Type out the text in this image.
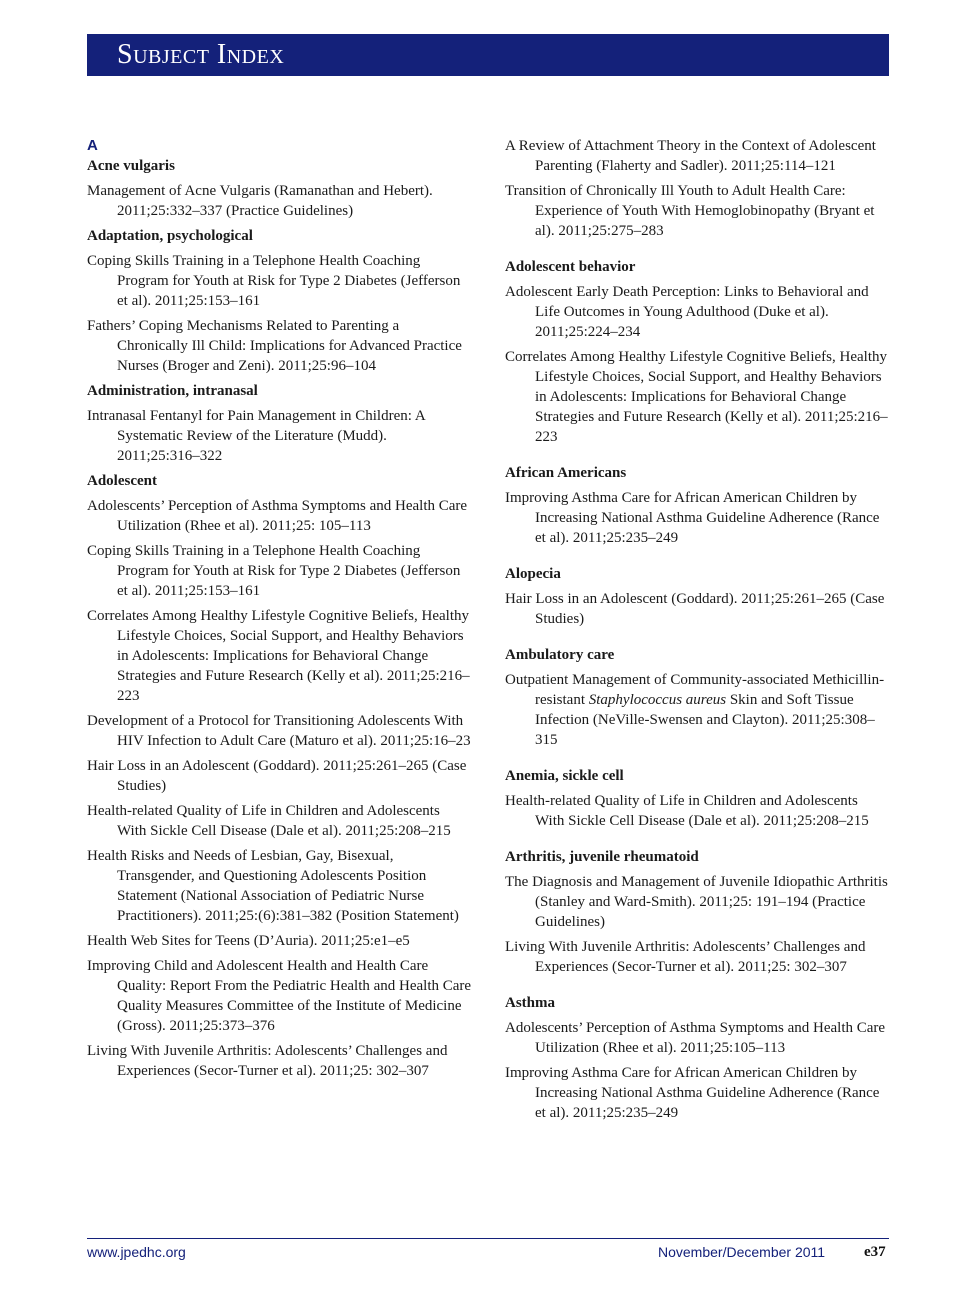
Subject Index

A

Acne vulgaris

Management of Acne Vulgaris (Ramanathan and Hebert). 2011;25:332–337 (Practice Guidelines)

Adaptation, psychological

Coping Skills Training in a Telephone Health Coaching Program for Youth at Risk for Type 2 Diabetes (Jefferson et al). 2011;25:153–161

Fathers’ Coping Mechanisms Related to Parenting a Chronically Ill Child: Implications for Advanced Practice Nurses (Broger and Zeni). 2011;25:96–104

Administration, intranasal

Intranasal Fentanyl for Pain Management in Children: A Systematic Review of the Literature (Mudd). 2011;25:316–322

Adolescent

Adolescents’ Perception of Asthma Symptoms and Health Care Utilization (Rhee et al). 2011;25: 105–113

Coping Skills Training in a Telephone Health Coaching Program for Youth at Risk for Type 2 Diabetes (Jefferson et al). 2011;25:153–161

Correlates Among Healthy Lifestyle Cognitive Beliefs, Healthy Lifestyle Choices, Social Support, and Healthy Behaviors in Adolescents: Implications for Behavioral Change Strategies and Future Research (Kelly et al). 2011;25:216–223

Development of a Protocol for Transitioning Adolescents With HIV Infection to Adult Care (Maturo et al). 2011;25:16–23

Hair Loss in an Adolescent (Goddard). 2011;25:261–265 (Case Studies)

Health-related Quality of Life in Children and Adolescents With Sickle Cell Disease (Dale et al). 2011;25:208–215

Health Risks and Needs of Lesbian, Gay, Bisexual, Transgender, and Questioning Adolescents Position Statement (National Association of Pediatric Nurse Practitioners). 2011;25:(6):381–382 (Position Statement)

Health Web Sites for Teens (D’Auria). 2011;25:e1–e5

Improving Child and Adolescent Health and Health Care Quality: Report From the Pediatric Health and Health Care Quality Measures Committee of the Institute of Medicine (Gross). 2011;25:373–376

Living With Juvenile Arthritis: Adolescents’ Challenges and Experiences (Secor-Turner et al). 2011;25: 302–307

A Review of Attachment Theory in the Context of Adolescent Parenting (Flaherty and Sadler). 2011;25:114–121

Transition of Chronically Ill Youth to Adult Health Care: Experience of Youth With Hemoglobinopathy (Bryant et al). 2011;25:275–283

Adolescent behavior

Adolescent Early Death Perception: Links to Behavioral and Life Outcomes in Young Adulthood (Duke et al). 2011;25:224–234

Correlates Among Healthy Lifestyle Cognitive Beliefs, Healthy Lifestyle Choices, Social Support, and Healthy Behaviors in Adolescents: Implications for Behavioral Change Strategies and Future Research (Kelly et al). 2011;25:216–223

African Americans

Improving Asthma Care for African American Children by Increasing National Asthma Guideline Adherence (Rance et al). 2011;25:235–249

Alopecia

Hair Loss in an Adolescent (Goddard). 2011;25:261–265 (Case Studies)

Ambulatory care

Outpatient Management of Community-associated Methicillin-resistant Staphylococcus aureus Skin and Soft Tissue Infection (NeVille-Swensen and Clayton). 2011;25:308–315

Anemia, sickle cell

Health-related Quality of Life in Children and Adolescents With Sickle Cell Disease (Dale et al). 2011;25:208–215

Arthritis, juvenile rheumatoid

The Diagnosis and Management of Juvenile Idiopathic Arthritis (Stanley and Ward-Smith). 2011;25: 191–194 (Practice Guidelines)

Living With Juvenile Arthritis: Adolescents’ Challenges and Experiences (Secor-Turner et al). 2011;25: 302–307

Asthma

Adolescents’ Perception of Asthma Symptoms and Health Care Utilization (Rhee et al). 2011;25:105–113

Improving Asthma Care for African American Children by Increasing National Asthma Guideline Adherence (Rance et al). 2011;25:235–249

www.jpedhc.org	November/December 2011	e37
